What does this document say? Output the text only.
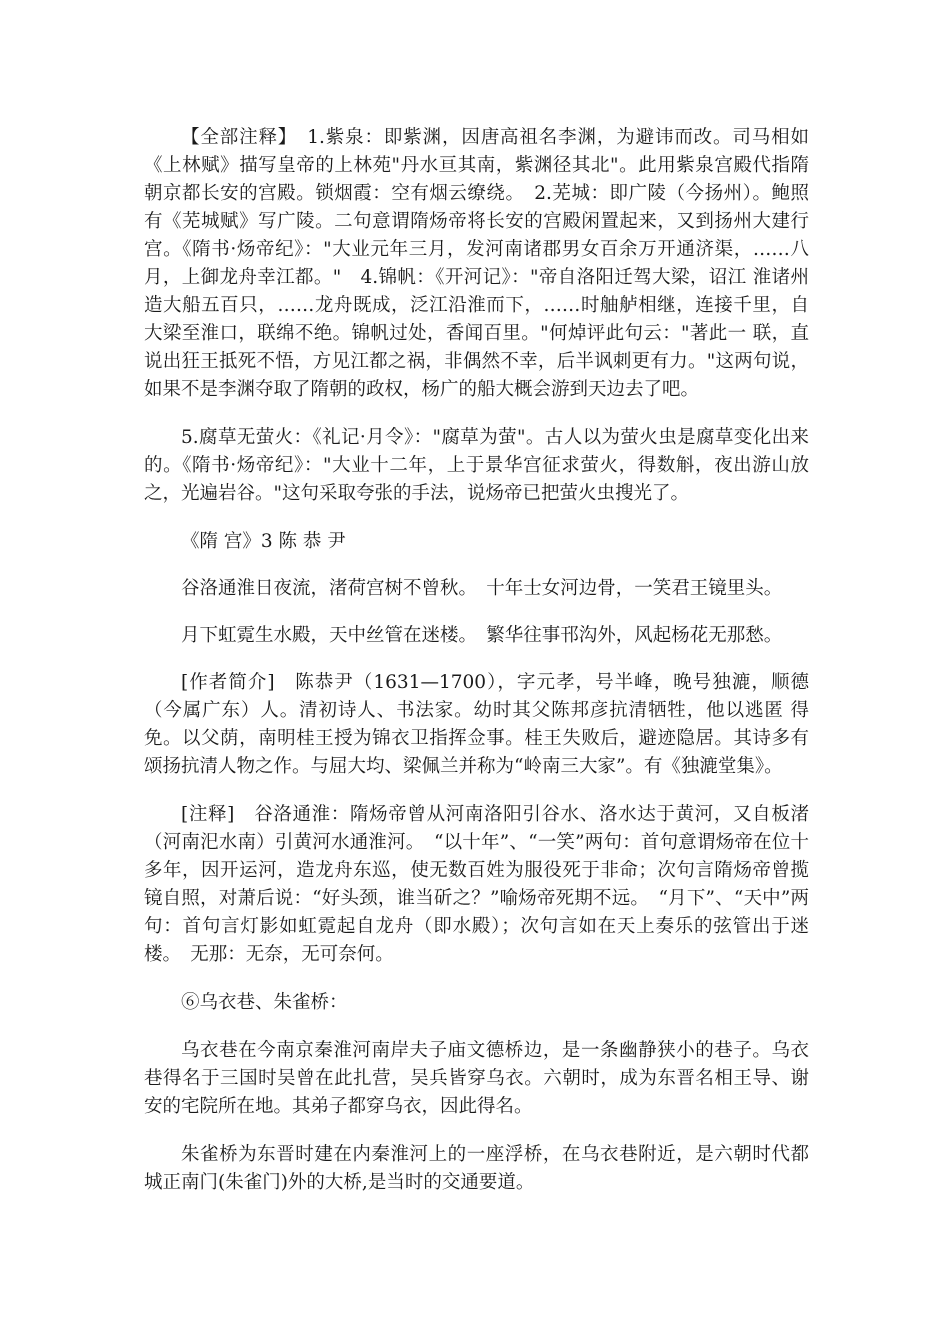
【全部注释】　1.紫泉：即紫渊，因唐高祖名李渊，为避讳而改。司马相如《上林赋》描写皇帝的上林苑"丹水亘其南，紫渊径其北"。此用紫泉宫殿代指隋 朝京都长安的宫殿。锁烟霞：空有烟云缭绕。　2.芜城：即广陵（今扬州）。鲍照有《芜城赋》写广陵。二句意谓隋炀帝将长安的宫殿闲置起来，又到扬州大建行 宫。《隋书·炀帝纪》："大业元年三月，发河南诸郡男女百余万开通济渠，……八月，上御龙舟幸江都。"　4.锦帆：《开河记》："帝自洛阳迁驾大梁，诏江 淮诸州造大船五百只，……龙舟既成，泛江沿淮而下，……时舳舻相继，连接千里，自大梁至淮口，联绵不绝。锦帆过处，香闻百里。"何焯评此句云："著此一 联，直说出狂王抵死不悟，方见江都之祸，非偶然不幸，后半讽刺更有力。"这两句说，如果不是李渊夺取了隋朝的政权，杨广的船大概会游到天边去了吧。

5.腐草无萤火：《礼记·月令》："腐草为萤"。古人以为萤火虫是腐草变化出来的。《隋书·炀帝纪》："大业十二年，上于景华宫征求萤火，得数斛，夜出游山放之，光遍岩谷。"这句采取夸张的手法，说炀帝已把萤火虫搜光了。

《隋 宫》3 陈 恭 尹

谷洛通淮日夜流，渚荷宫树不曾秋。　十年士女河边骨，一笑君王镜里头。

月下虹霓生水殿，天中丝管在迷楼。　繁华往事邗沟外，风起杨花无那愁。

[作者简介]　陈恭尹（1631—1700），字元孝，号半峰，晚号独漉，顺德（今属广东）人。清初诗人、书法家。幼时其父陈邦彦抗清牺牲，他以逃匿 得免。以父荫，南明桂王授为锦衣卫指挥佥事。桂王失败后，避迹隐居。其诗多有颂扬抗清人物之作。与屈大均、梁佩兰并称为“岭南三大家”。有《独漉堂集》。

[注释]　谷洛通淮：隋炀帝曾从河南洛阳引谷水、洛水达于黄河，又自板渚（河南汜水南）引黄河水通淮河。　“以十年”、“一笑”两句：首句意谓炀帝在位十多年，因开运河，造龙舟东巡，使无数百姓为服役死于非命；次句言隋炀帝曾揽镜自照，对萧后说：“好头颈，谁当斫之？”喻炀帝死期不远。　“月下”、“天中”两句：首句言灯影如虹霓起自龙舟（即水殿）；次句言如在天上奏乐的弦管出于迷楼。　无那：无奈，无可奈何。

⑥乌衣巷、朱雀桥：

乌衣巷在今南京秦淮河南岸夫子庙文德桥边，是一条幽静狭小的巷子。乌衣巷得名于三国时吴曾在此扎营，吴兵皆穿乌衣。六朝时，成为东晋名相王导、谢安的宅院所在地。其弟子都穿乌衣，因此得名。

朱雀桥为东晋时建在内秦淮河上的一座浮桥，在乌衣巷附近，是六朝时代都城正南门(朱雀门)外的大桥,是当时的交通要道。
